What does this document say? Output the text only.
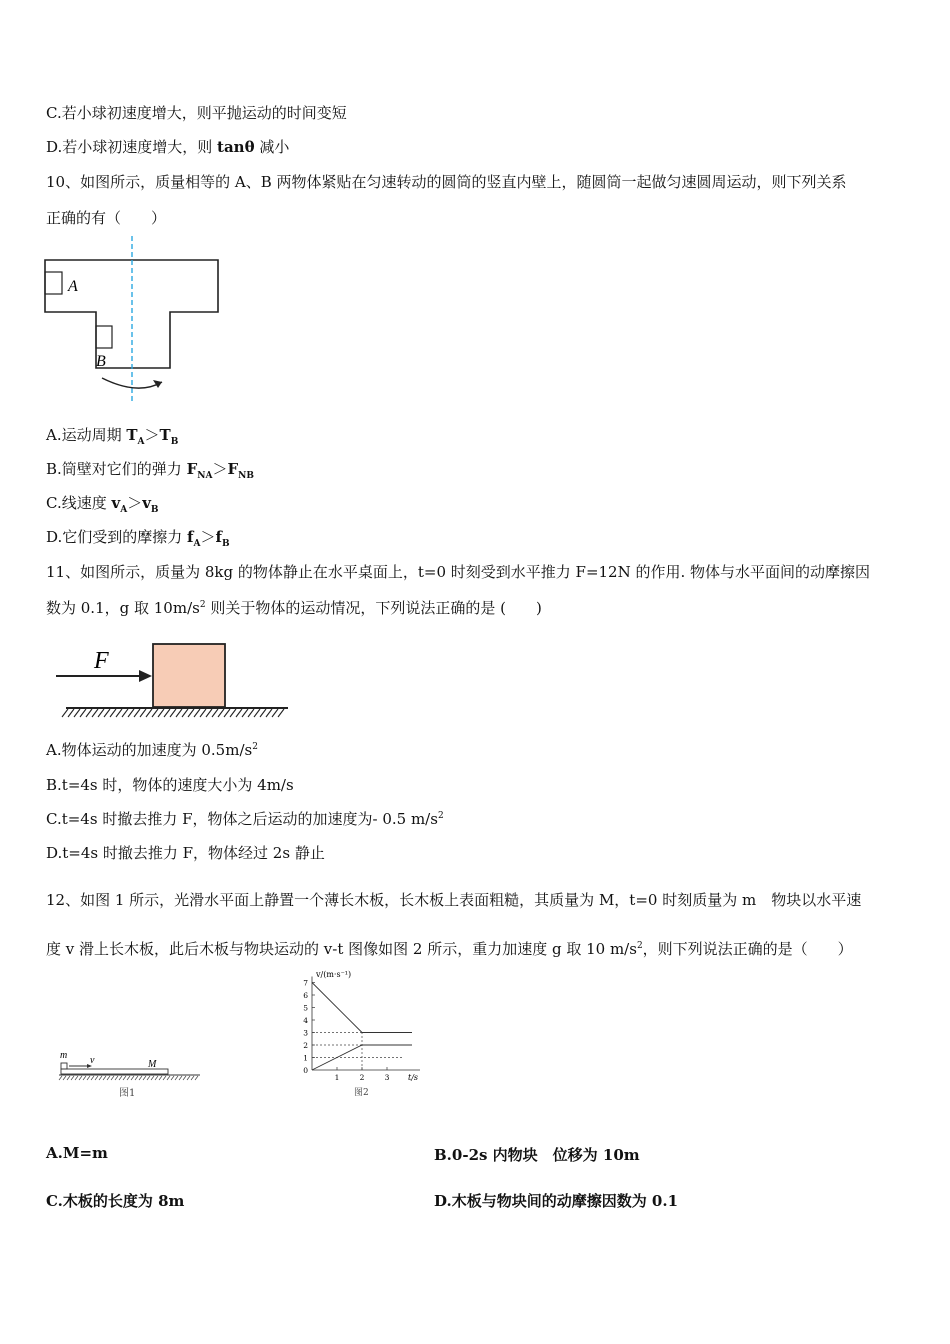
C.若小球初速度增大，则平抛运动的时间变短
D.若小球初速度增大，则 tanθ 减小
10、如图所示，质量相等的 A、B 两物体紧贴在匀速转动的圆筒的竖直内壁上，随圆筒一起做匀速圆周运动，则下列关系
正确的有（　　）
A
B
A.运动周期 $T_A>T_B$
B.筒壁对它们的弹力 $F_{NA}>F_{NB}$
C.线速度 $v_A>v_B$
D.它们受到的摩擦力 $f_A>f_B$
11、如图所示，质量为 8kg 的物体静止在水平桌面上，t=0 时刻受到水平推力 F=12N 的作用. 物体与水平面间的动摩擦因
数为 0.1，g 取 $10m/s^2$ 则关于物体的运动情况，下列说法正确的是 (　　)
F
A.物体运动的加速度为 $0.5m/s^2$
B.t=4s 时，物体的速度大小为 4m/s
C.t=4s 时撤去推力 F，物体之后运动的加速度为- 0.5 $m/s^2$
D.t=4s 时撤去推力 F，物体经过 2s 静止
12、如图 1 所示，光滑水平面上静置一个薄长木板，长木板上表面粗糙，其质量为 M，t=0 时刻质量为 m　物块以水平速
度 v 滑上长木板，此后木板与物块运动的 v-t 图像如图 2 所示，重力加速度 g 取 10 $m/s^2$，则下列说法正确的是（　　）
m v	M
图1
v/(m·s⁻¹)
t/s
图2
0
1
2
3
4
5
6
7
1	2	3
A.M=m	B.0-2s 内物块　位移为 10m
C.木板的长度为 8m	D.木板与物块间的动摩擦因数为 0.1
